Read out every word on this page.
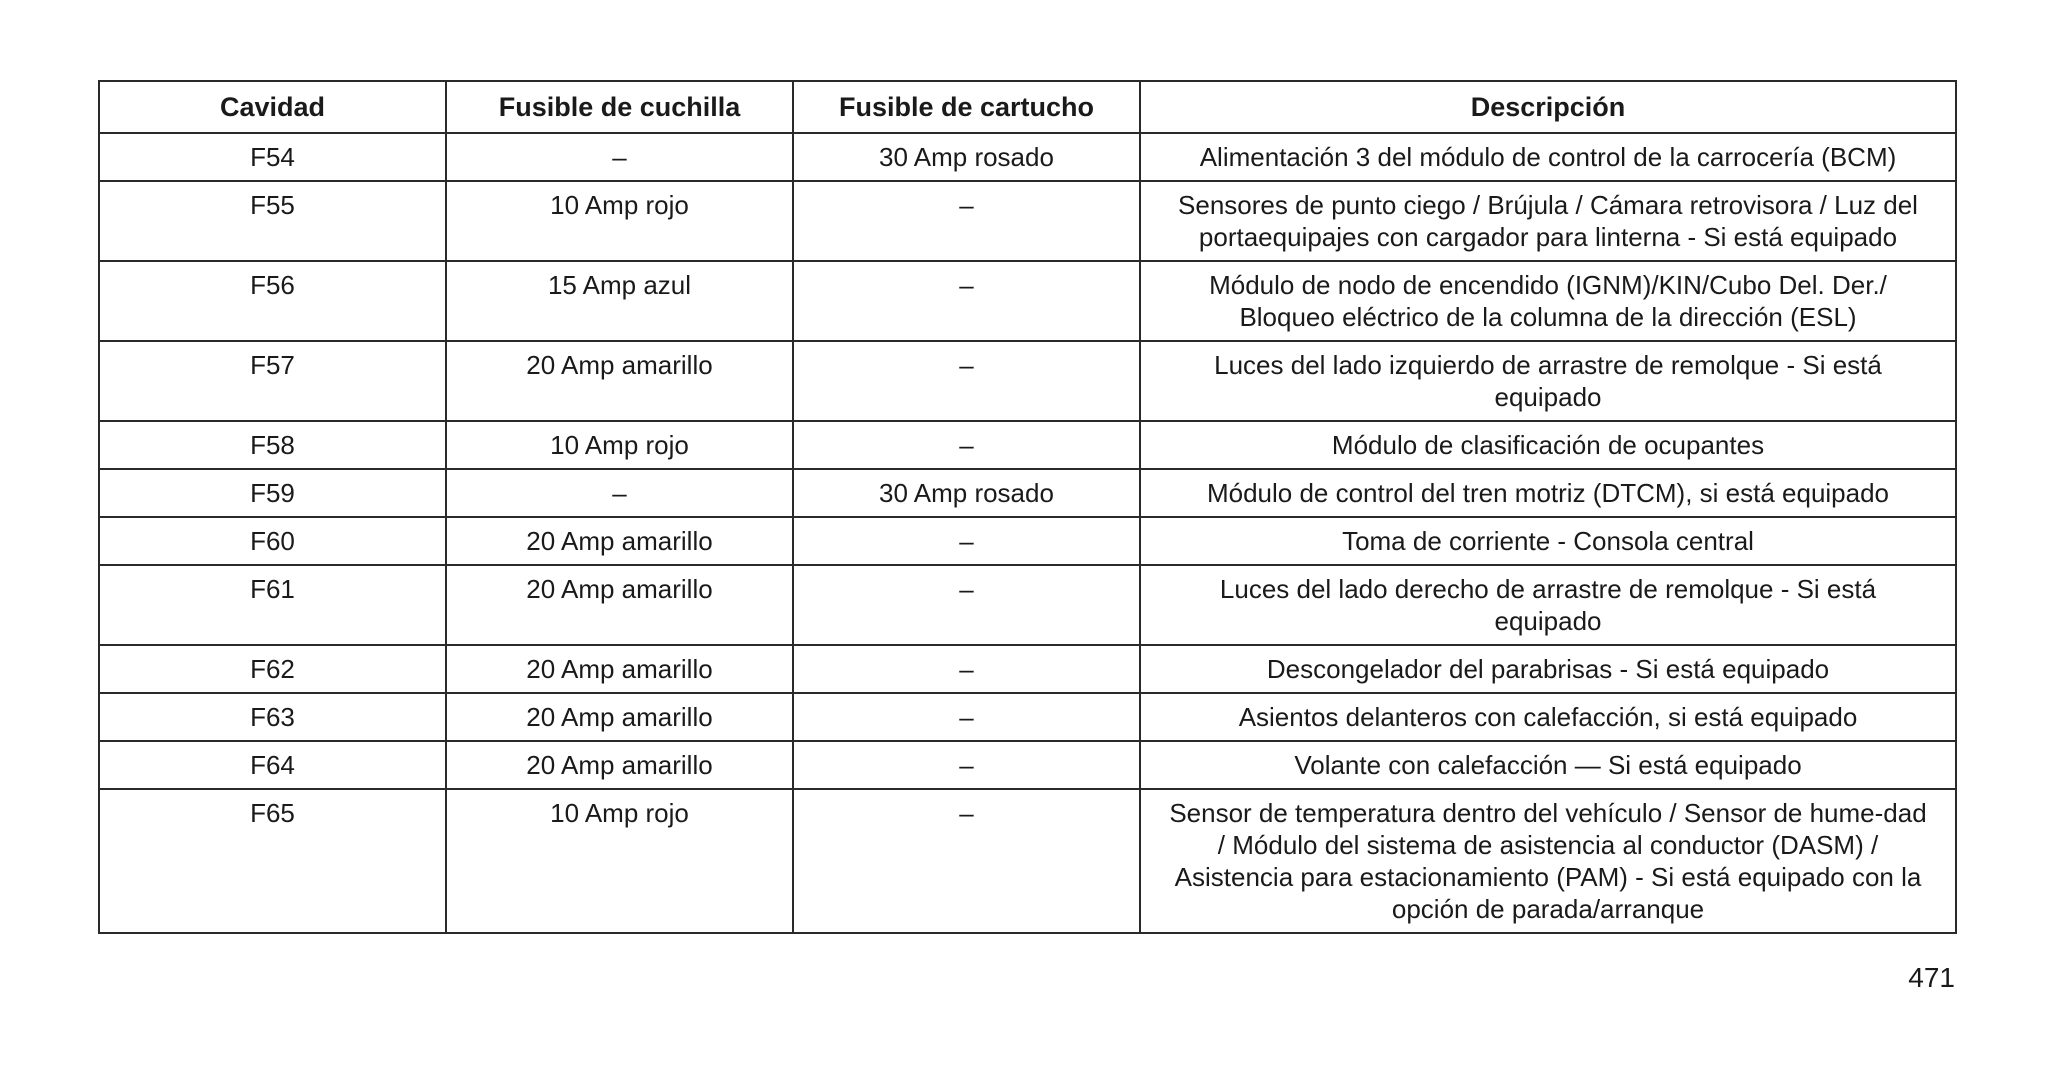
Cavidad	Fusible de cuchilla	Fusible de cartucho	Descripción
F54	–	30 Amp rosado	Alimentación 3 del módulo de control de la carrocería (BCM)
F55	10 Amp rojo	–	Sensores de punto ciego / Brújula / Cámara retrovisora / Luz del portaequipajes con cargador para linterna - Si está equipado
F56	15 Amp azul	–	Módulo de nodo de encendido (IGNM)/KIN/Cubo Del. Der./ Bloqueo eléctrico de la columna de la dirección (ESL)
F57	20 Amp amarillo	–	Luces del lado izquierdo de arrastre de remolque - Si está equipado
F58	10 Amp rojo	–	Módulo de clasificación de ocupantes
F59	–	30 Amp rosado	Módulo de control del tren motriz (DTCM), si está equipado
F60	20 Amp amarillo	–	Toma de corriente - Consola central
F61	20 Amp amarillo	–	Luces del lado derecho de arrastre de remolque - Si está equipado
F62	20 Amp amarillo	–	Descongelador del parabrisas - Si está equipado
F63	20 Amp amarillo	–	Asientos delanteros con calefacción, si está equipado
F64	20 Amp amarillo	–	Volante con calefacción — Si está equipado
F65	10 Amp rojo	–	Sensor de temperatura dentro del vehículo / Sensor de hume-dad / Módulo del sistema de asistencia al conductor (DASM) / Asistencia para estacionamiento (PAM) - Si está equipado con la opción de parada/arranque
471
